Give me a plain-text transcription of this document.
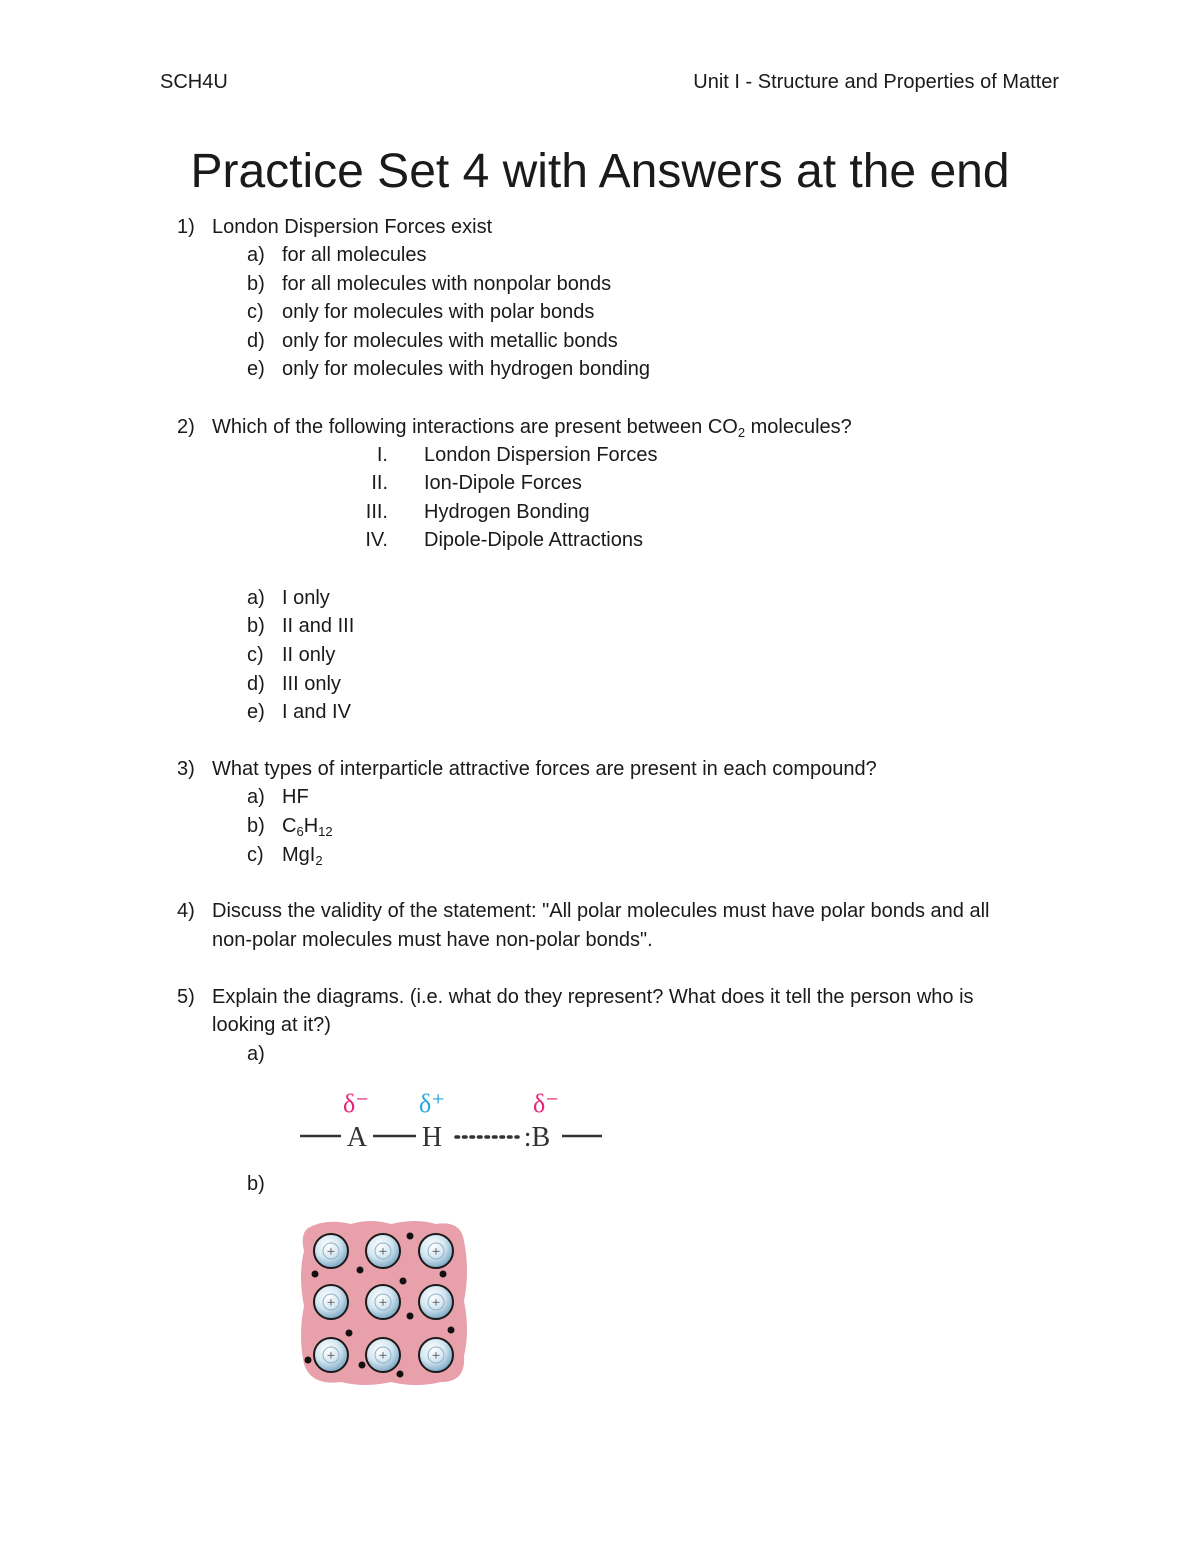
SCH4U	Unit I - Structure and Properties of Matter
Practice Set 4 with Answers at the end
1) London Dispersion Forces exist
a) for all molecules
b) for all molecules with nonpolar bonds
c) only for molecules with polar bonds
d) only for molecules with metallic bonds
e) only for molecules with hydrogen bonding
2) Which of the following interactions are present between $CO_2$ molecules?
I. London Dispersion Forces
II. Ion-Dipole Forces
III. Hydrogen Bonding
IV. Dipole-Dipole Attractions
a) I only
b) II and III
c) II only
d) III only
e) I and IV
3) What types of interparticle attractive forces are present in each compound?
a) HF
b) $C_6H_{12}$
c) MgI$_2$
4) Discuss the validity of the statement: "All polar molecules must have polar bonds and all
non-polar molecules must have non-polar bonds".
5) Explain the diagrams. (i.e. what do they represent? What does it tell the person who is
looking at it?)
a)
δ⁻ δ⁺	δ⁻
A H	:B
b)
+	+	+
+	+	+
+	+	+
